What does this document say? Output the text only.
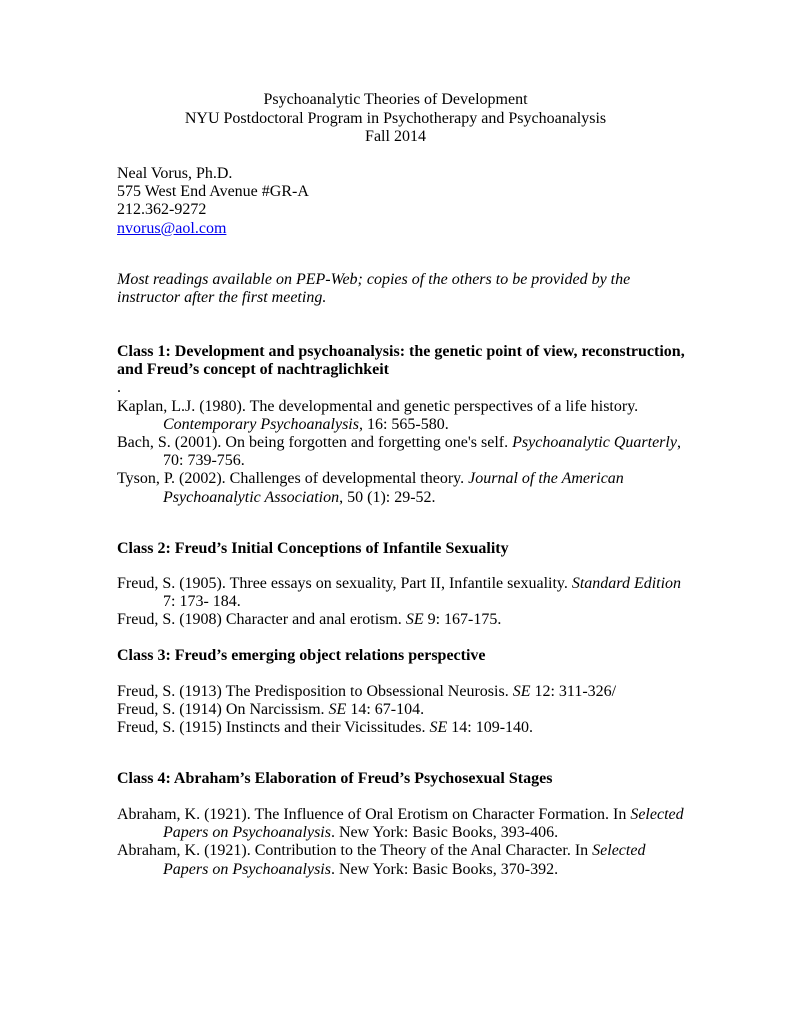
Psychoanalytic Theories of Development
NYU Postdoctoral Program in Psychotherapy and Psychoanalysis
Fall 2014
Neal Vorus, Ph.D.
575 West End Avenue #GR-A
212.362-9272
nvorus@aol.com
Most readings available on PEP-Web; copies of the others to be provided by the
instructor after the first meeting.
Class 1: Development and psychoanalysis: the genetic point of view, reconstruction,
and Freud’s concept of nachtraglichkeit
.
Kaplan, L.J. (1980). The developmental and genetic perspectives of a life history.
Contemporary Psychoanalysis, 16: 565-580.
Bach, S. (2001). On being forgotten and forgetting one's self. Psychoanalytic Quarterly,
70: 739-756.
Tyson, P. (2002). Challenges of developmental theory. Journal of the American
Psychoanalytic Association, 50 (1): 29-52.
Class 2: Freud’s Initial Conceptions of Infantile Sexuality
Freud, S. (1905). Three essays on sexuality, Part II, Infantile sexuality. Standard Edition
7: 173- 184.
Freud, S. (1908) Character and anal erotism. SE 9: 167-175.
Class 3: Freud’s emerging object relations perspective
Freud, S. (1913) The Predisposition to Obsessional Neurosis. SE 12: 311-326/
Freud, S. (1914) On Narcissism. SE 14: 67-104.
Freud, S. (1915) Instincts and their Vicissitudes. SE 14: 109-140.
Class 4: Abraham’s Elaboration of Freud’s Psychosexual Stages
Abraham, K. (1921). The Influence of Oral Erotism on Character Formation. In Selected
Papers on Psychoanalysis. New York: Basic Books, 393-406.
Abraham, K. (1921). Contribution to the Theory of the Anal Character. In Selected
Papers on Psychoanalysis. New York: Basic Books, 370-392.
